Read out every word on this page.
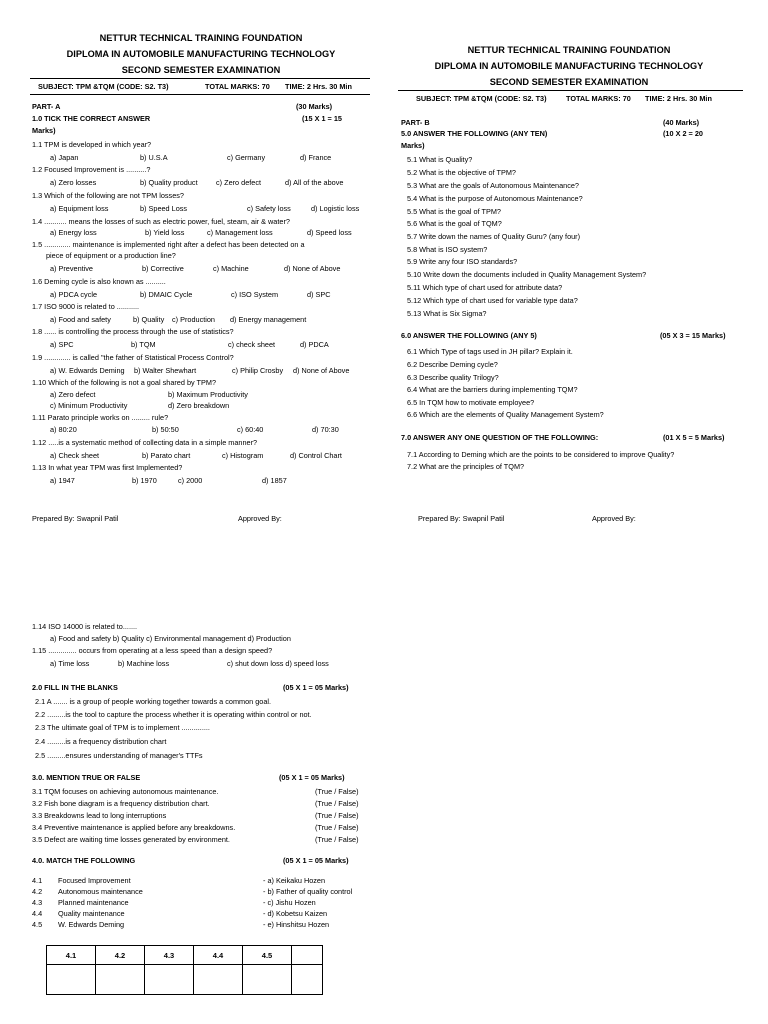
NETTUR TECHNICAL TRAINING FOUNDATION
DIPLOMA IN AUTOMOBILE MANUFACTURING TECHNOLOGY
SECOND SEMESTER EXAMINATION
SUBJECT: TPM &TQM (CODE: S2. T3)	TOTAL MARKS: 70 TIME: 2 Hrs. 30 Min
NETTUR TECHNICAL TRAINING FOUNDATION
DIPLOMA IN AUTOMOBILE MANUFACTURING TECHNOLOGY
SECOND SEMESTER EXAMINATION
SUBJECT: TPM &TQM (CODE: S2. T3)	TOTAL MARKS: 70 TIME: 2 Hrs. 30 Min
PART- A	(30 Marks)
1.0 TICK THE CORRECT ANSWER	(15 X 1 = 15
Marks)
1.1 TPM is developed in which year?
a) Japan	b) U.S.A	c) Germany	d) France
1.2 Focused Improvement is ..........?
a) Zero losses	b) Quality product	c) Zero defect	d) All of the above
1.3 Which of the following are not TPM losses?
a) Equipment loss	b) Speed Loss	c) Safety loss	d) Logistic loss
1.4 ........... means the losses of such as electric power, fuel, steam, air & water?
a) Energy loss	b) Yield loss	c) Management loss	d) Speed loss
1.5 ............. maintenance is implemented right after a defect has been detected on a
piece of equipment or a production line?
a) Preventive	b) Corrective	c) Machine	d) None of Above
1.6 Deming cycle is also known as ..........
a) PDCA cycle	b) DMAIC Cycle	c) ISO System	d) SPC
1.7 ISO 9000 is related to ...........
a) Food and safety	b) Quality c) Production d) Energy management
1.8 ...... is controlling the process through the use of statistics?
a) SPC	b) TQM	c) check sheet	d) PDCA
1.9 ............. is called "the father of Statistical Process Control?
a) W. Edwards Deming b) Walter Shewhart	c) Philip Crosby d) None of Above
1.10 Which of the following is not a goal shared by TPM?
a) Zero defect	b) Maximum Productivity
c) Minimum Productivity	d) Zero breakdown
1.11 Parato principle works on ......... rule?
a) 80:20	b) 50:50	c) 60:40	d) 70:30
1.12 .....is a systematic method of collecting data in a simple manner?
a) Check sheet	b) Parato chart	c) Histogram	d) Control Chart
1.13 In what year TPM was first Implemented?
a) 1947	b) 1970	c) 2000	d) 1857
Prepared By: Swapnil Patil	Approved By:
PART- B	(40 Marks)
5.0 ANSWER THE FOLLOWING (ANY TEN)	(10 X 2 = 20
Marks)
5.1 What is Quality?
5.2 What is the objective of TPM?
5.3 What are the goals of Autonomous Maintenance?
5.4 What is the purpose of Autonomous Maintenance?
5.5 What is the goal of TPM?
5.6 What is the goal of TQM?
5.7 Write down the names of Quality Guru? (any four)
5.8 What is ISO system?
5.9 Write any four ISO standards?
5.10 Write down the documents included in Quality Management System?
5.11 Which type of chart used for attribute data?
5.12 Which type of chart used for variable type data?
5.13 What is Six Sigma?
6.0 ANSWER THE FOLLOWING (ANY 5)	(05 X 3 = 15 Marks)
6.1 Which Type of tags used in JH pillar? Explain it.
6.2 Describe Deming cycle?
6.3 Describe quality Trilogy?
6.4 What are the barriers during implementing TQM?
6.5 In TQM how to motivate employee?
6.6 Which are the elements of Quality Management System?
7.0 ANSWER ANY ONE QUESTION OF THE FOLLOWING:	(01 X 5 = 5 Marks)
7.1 According to Deming which are the points to be considered to improve Quality?
7.2 What are the principles of TQM?
Prepared By: Swapnil Patil	Approved By:
1.14 ISO 14000 is related to.......
a) Food and safety b) Quality c) Environmental management d) Production
1.15 .............. occurs from operating at a less speed than a design speed?
a) Time loss	b) Machine loss	c) shut down loss d) speed loss
2.0 FILL IN THE BLANKS	(05 X 1 = 05 Marks)
2.1 A ....... is a group of people working together towards a common goal.
2.2 .........is the tool to capture the process whether it is operating within control or not.
2.3 The ultimate goal of TPM is to implement ..............
2.4 .........is a frequency distribution chart
2.5 .........ensures understanding of manager's TTFs
3.0. MENTION TRUE OR FALSE	(05 X 1 = 05 Marks)
3.1 TQM focuses on achieving autonomous maintenance.	(True / False)
3.2 Fish bone diagram is a frequency distribution chart.	(True / False)
3.3 Breakdowns lead to long interruptions	(True / False)
3.4 Preventive maintenance is applied before any breakdowns.	(True / False)
3.5 Defect are waiting time losses generated by environment.	(True / False)
4.0. MATCH THE FOLLOWING	(05 X 1 = 05 Marks)
4.1 Focused Improvement	- a) Keikaku Hozen
4.2 Autonomous maintenance	- b) Father of quality control
4.3 Planned maintenance	- c) Jishu Hozen
4.4 Quality maintenance	- d) Kobetsu Kaizen
4.5 W. Edwards Deming	- e) Hinshitsu Hozen
4.1	4.2	4.3	4.4	4.5	
